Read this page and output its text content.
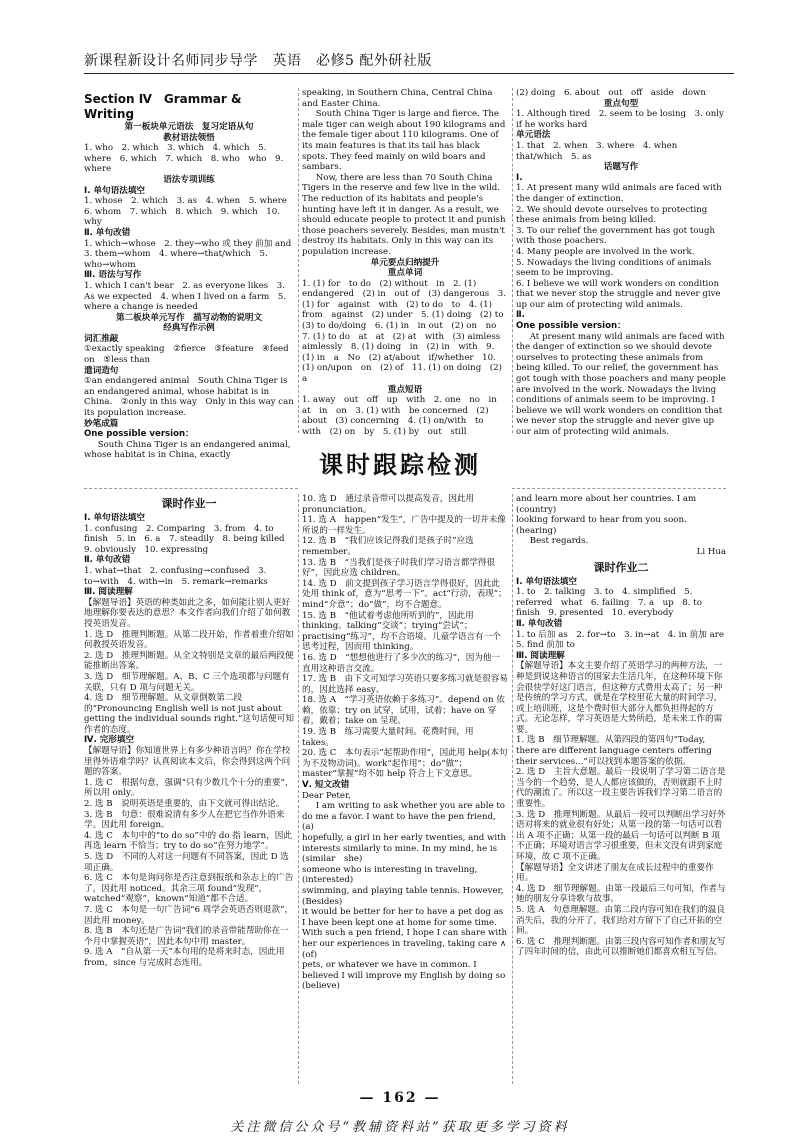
新课程新设计名师同步导学　英语　必修5 配外研社版

Section Ⅳ　Grammar & Writing

第一板块单元语法　复习定语从句

教材语法领悟

1. who　2. which　3. which　4. which　5. where　6. which　7. which　8. who　who　9. where

语法专项训练

Ⅰ. 单句语法填空

1. whose　2. which　3. as　4. when　5. where　6. whom　7. which　8. which　9. which　10. why

Ⅱ. 单句改错

1. which→whose　2. they→who 或 they 前加 and　3. them→whom　4. where→that/which　5. who→whom

Ⅲ. 语法与写作

1. which I can't bear　2. as everyone likes　3. As we expected　4. when I lived on a farm　5. where a change is needed

第二板块单元写作　描写动物的说明文

经典写作示例

词汇推敲

①exactly speaking　②fierce　③feature　④feed on　⑤less than

遣词造句

①an endangered animal　South China Tiger is an endangered animal, whose habitat is in China.　②only in this way　Only in this way can its population increase.

妙笔成篇

One possible version：

South China Tiger is an endangered animal, whose habitat is in China, exactly

speaking, in Southern China, Central China and Easter China.

South China Tiger is large and fierce. The male tiger can weigh about 190 kilograms and the female tiger about 110 kilograms. One of its main features is that its tail has black spots. They feed mainly on wild boars and sambars.

Now, there are less than 70 South China Tigers in the reserve and few live in the wild. The reduction of its habitats and people's hunting have left it in danger. As a result, we should educate people to protect it and punish those poachers severely. Besides, man mustn't destroy its habitats. Only in this way can its population increase.

单元要点归纳提升

重点单词

1. (1) for　to do　(2) without　in　2. (1) endangered　(2) in　out of　(3) dangerous　3. (1) for　against　with　(2) to do　to　4. (1) from　against　(2) under　5. (1) doing　(2) to　(3) to do/doing　6. (1) in　in out　(2) on　no　7. (1) to do　at　at　(2) at　with　(3) aimless　aimlessly　8. (1) doing　in　(2) in　with　9. (1) in　a　No　(2) at/about　if/whether　10. (1) on/upon　on　(2) of　11. (1) on doing　(2) a

重点短语

1. away　out　off　up　with　2. one　no　in　at　in　on　3. (1) with　be concerned　(2) about　(3) concerning　4. (1) on/with　to　with　(2) on　by　5. (1) by　out　still

(2) doing　6. about　out　off　aside　down

重点句型

1. Although tired　2. seem to be losing　3. only if he works hard

单元语法

1. that　2. when　3. where　4. when　that/which　5. as

话题写作

Ⅰ.

1. At present many wild animals are faced with the danger of extinction.

2. We should devote ourselves to protecting these animals from being killed.

3. To our relief the government has got tough with those poachers.

4. Many people are involved in the work.

5. Nowadays the living conditions of animals seem to be improving.

6. I believe we will work wonders on condition that we never stop the struggle and never give up our aim of protecting wild animals.

Ⅱ.

One possible version：

At present many wild animals are faced with the danger of extinction so we should devote ourselves to protecting these animals from being killed. To our relief, the government has got tough with those poachers and many people are involved in the work. Nowadays the living conditions of animals seem to be improving. I believe we will work wonders on condition that we never stop the struggle and never give up our aim of protecting wild animals.

课时跟踪检测

课时作业一

Ⅰ. 单句语法填空

1. confusing　2. Comparing　3. from　4. to finish　5. in　6. a　7. steadily　8. being killed　9. obviously　10. expressing

Ⅱ. 单句改错

1. what→that　2. confusing→confused　3. to→with　4. with→in　5. remark→remarks

Ⅲ. 阅读理解

【解题导语】英语的种类如此之多，如何能让别人更好地理解你要表达的意思？本文作者向我们介绍了如何教授英语发音。

1. 选 D　推理判断题。从第二段开始，作者着重介绍如何教授英语发音。

2. 选 D　推理判断题。从全文特别是文章的最后两段便能推断出答案。

3. 选 D　细节理解题。A、B、C 三个选项都与问题有关联，只有 D 项与问题无关。

4. 选 D　细节理解题。从文章倒数第二段的“Pronouncing English well is not just about getting the individual sounds right.”这句话便可知作者的态度。

Ⅳ. 完形填空

【解题导语】你知道世界上有多少种语言吗？你在学校里得外语难学吗？认真阅读本文后，你会得到这两个问题的答案。

1. 选 C　根据句意，强调“只有少数几个十分的重要”，所以用 only。

2. 选 B　说明英语是重要的，由下文就可得出结论。

3. 选 B　句意：很难说清有多少人在把它当作外语来学。因此用 foreign。

4. 选 C　本句中的“to do so”中的 do 指 learn，因此再选 learn 不恰当；try to do so“在努力地学”。

5. 选 D　不同的人对这一问题有不同答案，因此 D 选项正确。

6. 选 C　本句是询问你是否注意到报纸和杂志上的广告了，因此用 noticed。其余三项 found“发现”，watched“观察”，known“知道”都不合适。

7. 选 C　本句是一句广告词“6 周学会英语否则退款”，因此用 money。

8. 选 B　本句还是广告词“我们的录音带能帮助你在一个月中掌握英语”，因此本句中用 master。

9. 选 A　“自从第一天”本句用的是将来时态，因此用 from，since 与完成时态连用。

10. 选 D　通过录音带可以提高发音，因此用 pronunciation。

11. 选 A　happen“发生”，广告中提及的一切并未像所说的一样发生。

12. 选 B　“我们应该记得我们是孩子时”应选 remember。

13. 选 B　“当我们是孩子时我们学习语言都学得很好”，因此应选 children。

14. 选 D　前文提到孩子学习语言学得很好，因此此处用 think of，意为“思考一下”。act“行动，表现”；mind“介意”；do“做”，均不合题意。

15. 选 B　“他试着考虑他所听到的”，因此用 thinking。talking“交谈”；trying“尝试”；practising“练习”，均不合语境。儿童学语言有一个思考过程，因而用 thinking。

16. 选 D　“想想他进行了多少次的练习”，因为他一直用这种语言交流。

17. 选 B　由下文可知学习英语只要多练习就是很容易的，因此选择 easy。

18. 选 A　“学习英语依赖于多练习”。depend on 依赖，依靠；try on 试穿，试用，试着；have on 穿着，戴着；take on 呈现。

19. 选 B　练习需要大量时间。花费时间，用 takes。

20. 选 C　本句表示“起帮助作用”，因此用 help(本句为不及物动词)。work“起作用”；do“做”；master“掌握”均不如 help 符合上下文意思。

Ⅴ. 短文改错

Dear Peter,

I am writing to ask whether you are able to do me a favor. I want to have the pen friend, (a)

hopefully, a girl in her early twenties, and with interests similarly to mine. In my mind, he is (similar　she)

someone who is interesting in traveling, (interested)

swimming, and playing table tennis. However, (Besides)

it would be better for her to have a pet dog as I have been kept one at home for some time.

With such a pen friend, I hope I can share with her our experiences in traveling, taking care ∧ (of)

pets, or whatever we have in common. I believed I will improve my English by doing so (believe)

and learn more about her countries. I am (country)

looking forward to hear from you soon. (hearing)

Best regards.

Li Hua

课时作业二

Ⅰ. 单句语法填空

1. to　2. talking　3. to　4. simplified　5. referred　what　6. failing　7. a　up　8. to finish　9. presented　10. everybody

Ⅱ. 单句改错

1. to 后加 as　2. for→to　3. in→at　4. in 前加 are　5. find 前加 to

Ⅲ. 阅读理解

【解题导语】本文主要介绍了英语学习的两种方法，一种是到说这种语言的国家去生活几年，在这种环境下你会很快学好这门语言，但这种方式费用太高了；另一种是传统的学习方式，就是在学校里花大量的时间学习，或上培训班，这是个费时但大部分人都负担得起的方式。无论怎样，学习英语是大势所趋，是未来工作的需要。

1. 选 B　细节理解题。从第四段的第四句“Today, there are different language centers offering their services...”可以找到本题答案的依据。

2. 选 D　主旨大意题。最后一段说明了学习第二语言是当今的一个趋势，是人人都应该做的，否则就跟不上时代的潮流了。所以这一段主要告诉我们学习第二语言的重要性。

3. 选 D　推理判断题。从最后一段可以判断出学习好外语对将来的就业很有好处；从第一段的第一句话可以看出 A 项不正确；从第一段的最后一句话可以判断 B 项不正确；环境对语言学习很重要，但未文没有讲到家庭环境，故 C 项不正确。

【解题导语】全文讲述了朋友在成长过程中的重要作用。

4. 选 D　细节理解题。由第一段最后三句可知，作者与她的朋友分享诗歌与故事。

5. 选 A　句意理解题。由第二段内容可知在我们的温良消失后，我的分开了，我们给对方留下了自己开拓的空间。

6. 选 C　推理判断题。由第三段内容可知作者和朋友写了四年时间的信，由此可以推断她们都喜欢相互写信。

— 162 —
关注微信公众号“教辅资料站”获取更多学习资料
